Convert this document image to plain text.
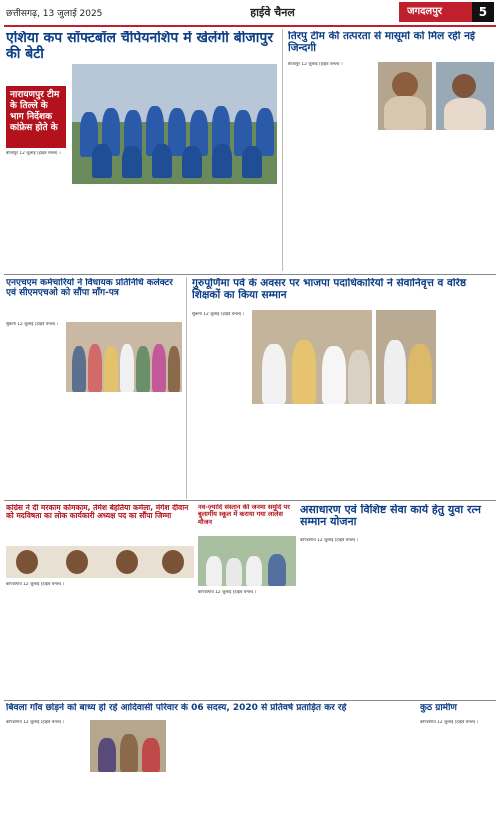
छत्तीसगढ़, 13 जुलाई 2025	हाईवे चैनल	जगदलपुर	5
एशिया कप सॉफ्टबॉल चैंपियनशिप में खेलेंगी बीजापुर की बेटी
नारायणपुर टीम के तिल्ले के भाग निर्देशक कांफ्रेस होते के
बीजापुर 12 जुलाई (हाईवे चैनल) ।
तिरपु टीम की तत्परता से मासूमों को मिल रही नई जिन्दगी
बीजापुर 12 जुलाई (हाईवे चैनल) ।
एनएचएम कर्मचारियों ने विधायक प्रतिनिधि कलेक्टर एवं सीएमएचओ को सौंपा माँग-पत्र
सुकमा 12 जुलाई (हाईवे चैनल) ।
गुरुपूर्णिमा पर्व के अवसर पर भाजपा पदाधिकारियों ने सेवानिवृत्त व वरिष्ठ शिक्षकों का किया सम्मान
सुकमा 12 जुलाई (हाईवे चैनल) ।
कांग्रेस ने दी मरकाम कोमकाम, तेमेश बेहतिया कमेला, मंगेश दीवान को मदविषता का लोक कार्यकारी अध्यक्ष पद का सौंपा जिम्मा
कोण्डागांव 12 जुलाई (हाईवे चैनल) ।
नव-ज़्यादि संस्तान की जनमा समुदि पर बुलार्गीय स्कूल में कराया गया लालेस मौजन
कोण्डागांव 12 जुलाई (हाईवे चैनल) ।
असाधारण एवं विशिष्ट सेवा कार्य हेतु युवा रत्न सम्मान योजना
कोण्डागांव 12 जुलाई (हाईवे चैनल) ।
बिवला गाँव छोड़ने को बाध्य हो रहे आदिवासी परिवार के 06 सदस्य, 2020 से प्रतिवर्ष प्रताड़ित कर रहे
कोण्डागांव 12 जुलाई (हाईवे चैनल) ।
कुठ ग्रामीण
कोण्डागांव 12 जुलाई (हाईवे चैनल) ।
